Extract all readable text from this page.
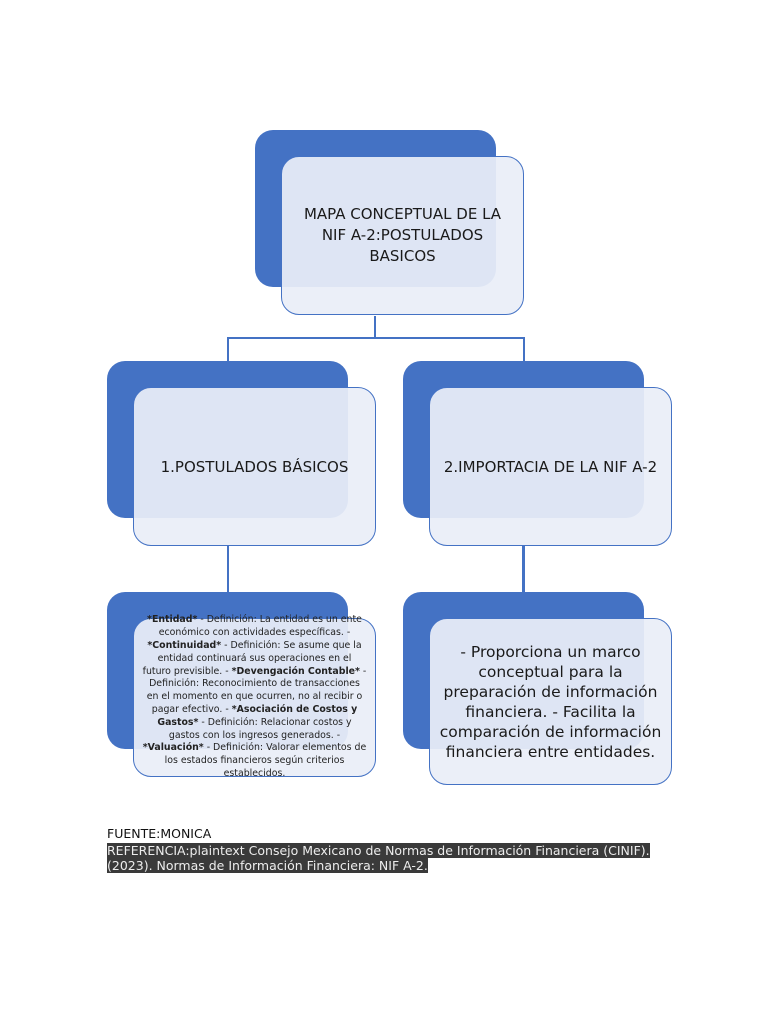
MAPA CONCEPTUAL DE LA NIF A-2:POSTULADOS BASICOS
1.POSTULADOS BÁSICOS	2.IMPORTACIA DE LA NIF A-2
*Entidad* - Definición: La entidad es un ente económico con actividades específicas. - *Continuidad* - Definición: Se asume que la entidad continuará sus operaciones en el futuro previsible. - *Devengación Contable* - Definición: Reconocimiento de transacciones en el momento en que ocurren, no al recibir o pagar efectivo. - *Asociación de Costos y Gastos* - Definición: Relacionar costos y gastos con los ingresos generados. - *Valuación* - Definición: Valorar elementos de los estados financieros según criterios establecidos.
- Proporciona un marco conceptual para la preparación de información financiera. - Facilita la comparación de información financiera entre entidades.
FUENTE:MONICA
REFERENCIA:plaintext Consejo Mexicano de Normas de Información Financiera (CINIF). (2023). Normas de Información Financiera: NIF A-2.
